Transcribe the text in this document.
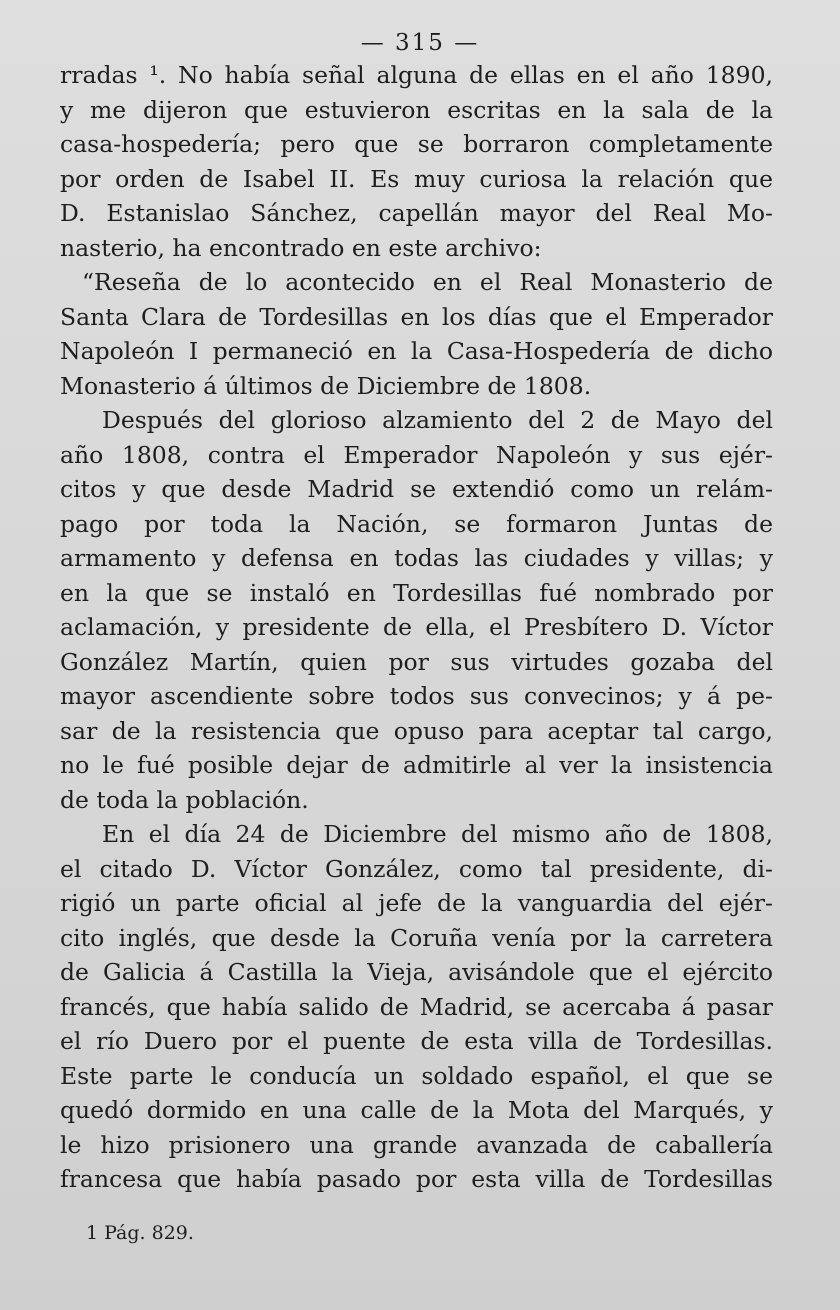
— 315 —
rradas ¹. No había señal alguna de ellas en el año 1890,
y me dijeron que estuvieron escritas en la sala de la
casa-hospedería; pero que se borraron completamente
por orden de Isabel II. Es muy curiosa la relación que
D. Estanislao Sánchez, capellán mayor del Real Mo-
nasterio, ha encontrado en este archivo:
“Reseña de lo acontecido en el Real Monasterio de
Santa Clara de Tordesillas en los días que el Emperador
Napoleón I permaneció en la Casa-Hospedería de dicho
Monasterio á últimos de Diciembre de 1808.
Después del glorioso alzamiento del 2 de Mayo del
año 1808, contra el Emperador Napoleón y sus ejér-
citos y que desde Madrid se extendió como un relám-
pago por toda la Nación, se formaron Juntas de
armamento y defensa en todas las ciudades y villas; y
en la que se instaló en Tordesillas fué nombrado por
aclamación, y presidente de ella, el Presbítero D. Víctor
González Martín, quien por sus virtudes gozaba del
mayor ascendiente sobre todos sus convecinos; y á pe-
sar de la resistencia que opuso para aceptar tal cargo,
no le fué posible dejar de admitirle al ver la insistencia
de toda la población.
En el día 24 de Diciembre del mismo año de 1808,
el citado D. Víctor González, como tal presidente, di-
rigió un parte oficial al jefe de la vanguardia del ejér-
cito inglés, que desde la Coruña venía por la carretera
de Galicia á Castilla la Vieja, avisándole que el ejército
francés, que había salido de Madrid, se acercaba á pasar
el río Duero por el puente de esta villa de Tordesillas.
Este parte le conducía un soldado español, el que se
quedó dormido en una calle de la Mota del Marqués, y
le hizo prisionero una grande avanzada de caballería
francesa que había pasado por esta villa de Tordesillas
1 Pág. 829.
